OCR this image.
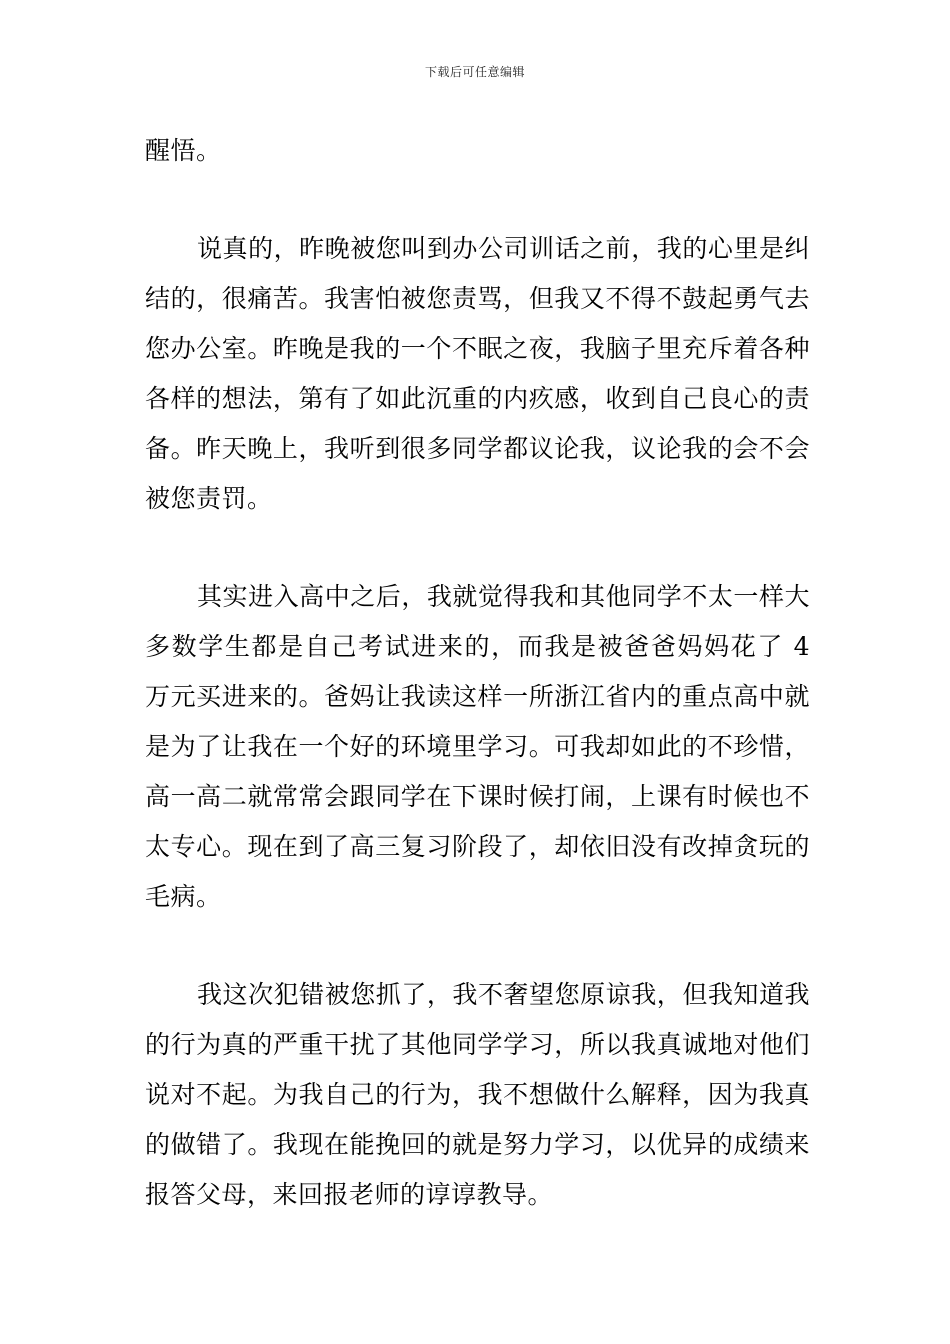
下载后可任意编辑

醒悟。

说真的，昨晚被您叫到办公司训话之前，我的心里是纠结的，很痛苦。我害怕被您责骂，但我又不得不鼓起勇气去您办公室。昨晚是我的一个不眠之夜，我脑子里充斥着各种各样的想法，第有了如此沉重的内疚感，收到自己良心的责备。昨天晚上，我听到很多同学都议论我，议论我的会不会被您责罚。

其实进入高中之后，我就觉得我和其他同学不太一样大多数学生都是自己考试进来的，而我是被爸爸妈妈花了 4 万元买进来的。爸妈让我读这样一所浙江省内的重点高中就是为了让我在一个好的环境里学习。可我却如此的不珍惜，高一高二就常常会跟同学在下课时候打闹，上课有时候也不太专心。现在到了高三复习阶段了，却依旧没有改掉贪玩的毛病。

我这次犯错被您抓了，我不奢望您原谅我，但我知道我的行为真的严重干扰了其他同学学习，所以我真诚地对他们说对不起。为我自己的行为，我不想做什么解释，因为我真的做错了。我现在能挽回的就是努力学习，以优异的成绩来报答父母，来回报老师的谆谆教导。
